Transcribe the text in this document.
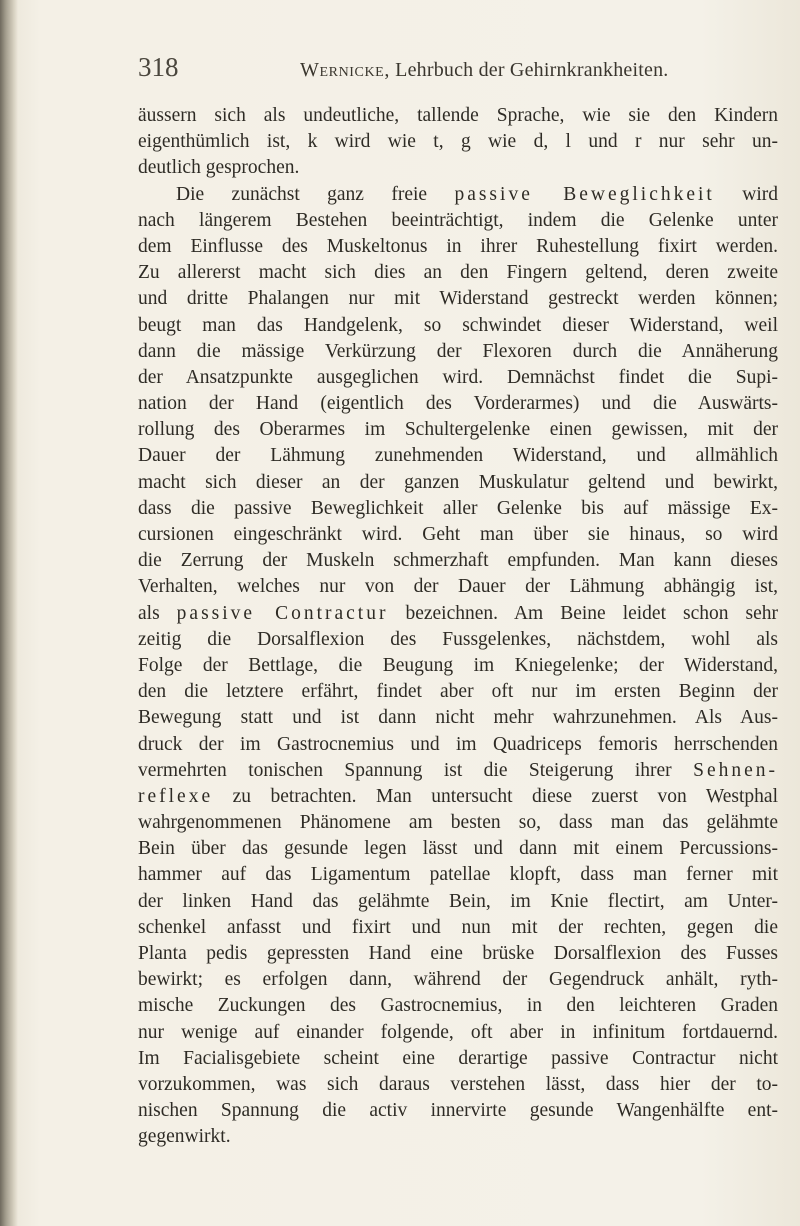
318	Wernicke, Lehrbuch der Gehirnkrankheiten.
äussern sich als undeutliche, tallende Sprache, wie sie den Kindern
eigenthümlich ist, k wird wie t, g wie d, l und r nur sehr un-
deutlich gesprochen.
Die zunächst ganz freie passive Beweglichkeit wird
nach längerem Bestehen beeinträchtigt, indem die Gelenke unter
dem Einflusse des Muskeltonus in ihrer Ruhestellung fixirt werden.
Zu allererst macht sich dies an den Fingern geltend, deren zweite
und dritte Phalangen nur mit Widerstand gestreckt werden können;
beugt man das Handgelenk, so schwindet dieser Widerstand, weil
dann die mässige Verkürzung der Flexoren durch die Annäherung
der Ansatzpunkte ausgeglichen wird. Demnächst findet die Supi-
nation der Hand (eigentlich des Vorderarmes) und die Auswärts-
rollung des Oberarmes im Schultergelenke einen gewissen, mit der
Dauer der Lähmung zunehmenden Widerstand, und allmählich
macht sich dieser an der ganzen Muskulatur geltend und bewirkt,
dass die passive Beweglichkeit aller Gelenke bis auf mässige Ex-
cursionen eingeschränkt wird. Geht man über sie hinaus, so wird
die Zerrung der Muskeln schmerzhaft empfunden. Man kann dieses
Verhalten, welches nur von der Dauer der Lähmung abhängig ist,
als passive Contractur bezeichnen. Am Beine leidet schon sehr
zeitig die Dorsalflexion des Fussgelenkes, nächstdem, wohl als
Folge der Bettlage, die Beugung im Kniegelenke; der Widerstand,
den die letztere erfährt, findet aber oft nur im ersten Beginn der
Bewegung statt und ist dann nicht mehr wahrzunehmen. Als Aus-
druck der im Gastrocnemius und im Quadriceps femoris herrschenden
vermehrten tonischen Spannung ist die Steigerung ihrer Sehnen-
reflexe zu betrachten. Man untersucht diese zuerst von Westphal
wahrgenommenen Phänomene am besten so, dass man das gelähmte
Bein über das gesunde legen lässt und dann mit einem Percussions-
hammer auf das Ligamentum patellae klopft, dass man ferner mit
der linken Hand das gelähmte Bein, im Knie flectirt, am Unter-
schenkel anfasst und fixirt und nun mit der rechten, gegen die
Planta pedis gepressten Hand eine brüske Dorsalflexion des Fusses
bewirkt; es erfolgen dann, während der Gegendruck anhält, ryth-
mische Zuckungen des Gastrocnemius, in den leichteren Graden
nur wenige auf einander folgende, oft aber in infinitum fortdauernd.
Im Facialisgebiete scheint eine derartige passive Contractur nicht
vorzukommen, was sich daraus verstehen lässt, dass hier der to-
nischen Spannung die activ innervirte gesunde Wangenhälfte ent-
gegenwirkt.
